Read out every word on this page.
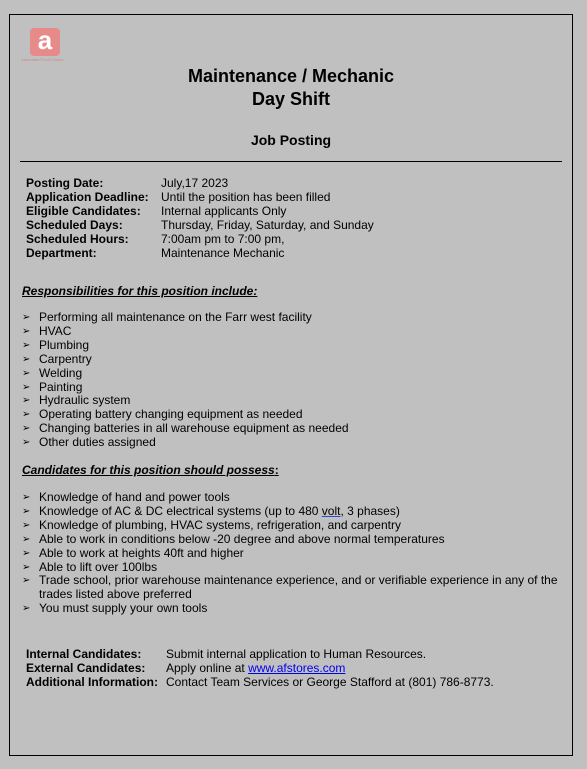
a
Associated Food Stores
Maintenance / Mechanic
Day Shift
Job Posting
Posting Date:	July,17 2023
Application Deadline:	Until the position has been filled
Eligible Candidates:	Internal applicants Only
Scheduled Days:	Thursday, Friday, Saturday, and Sunday
Scheduled Hours:	7:00am pm to 7:00 pm,
Department:	Maintenance Mechanic
Responsibilities for this position include:
➢ Performing all maintenance on the Farr west facility
➢ HVAC
➢ Plumbing
➢ Carpentry
➢ Welding
➢ Painting
➢ Hydraulic system
➢ Operating battery changing equipment as needed
➢ Changing batteries in all warehouse equipment as needed
➢ Other duties assigned
Candidates for this position should possess:
➢ Knowledge of hand and power tools
➢ Knowledge of AC & DC electrical systems (up to 480 volt, 3 phases)
➢ Knowledge of plumbing, HVAC systems, refrigeration, and carpentry
➢ Able to work in conditions below -20 degree and above normal temperatures
➢ Able to work at heights 40ft and higher
➢ Able to lift over 100lbs
➢ Trade school, prior warehouse maintenance experience, and or verifiable experience in any of the trades listed above preferred
➢ You must supply your own tools
Internal Candidates:	Submit internal application to Human Resources.
External Candidates:	Apply online at www.afstores.com
Additional Information: Contact Team Services or George Stafford at (801) 786-8773.
